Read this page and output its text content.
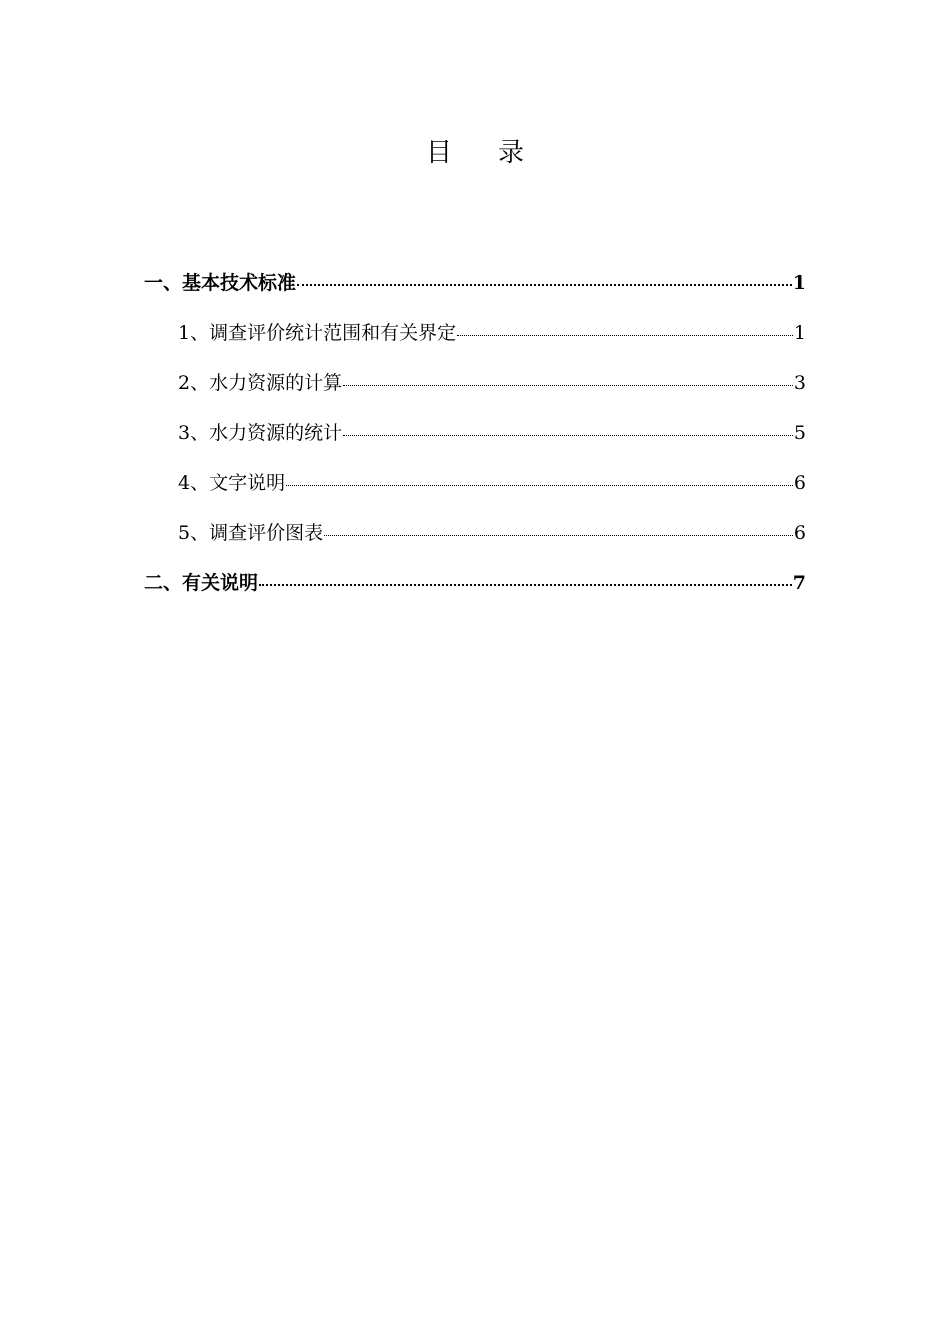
目 录
一、基本技术标准	1
1、调查评价统计范围和有关界定	1
2、水力资源的计算	3
3、水力资源的统计	5
4、文字说明	6
5、调查评价图表	6
二、有关说明	7
